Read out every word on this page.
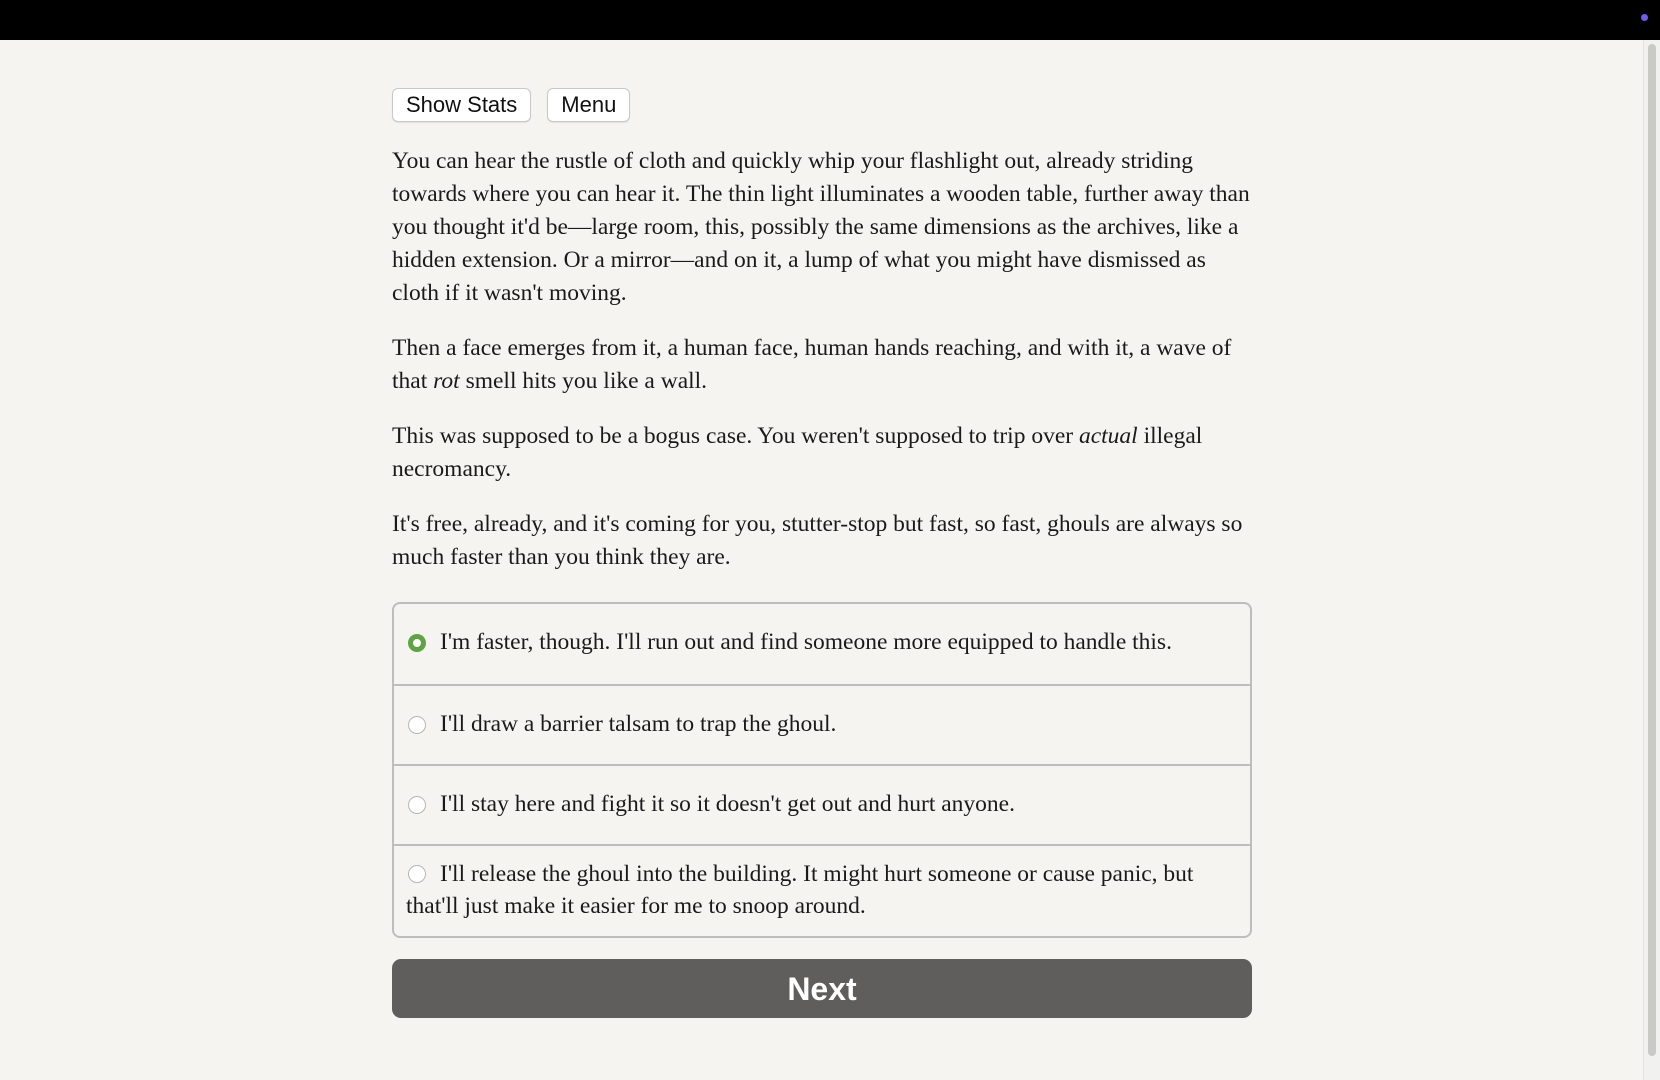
Show Stats	Menu

You can hear the rustle of cloth and quickly whip your flashlight out, already striding towards where you can hear it. The thin light illuminates a wooden table, further away than you thought it'd be—large room, this, possibly the same dimensions as the archives, like a hidden extension. Or a mirror—and on it, a lump of what you might have dismissed as cloth if it wasn't moving.

Then a face emerges from it, a human face, human hands reaching, and with it, a wave of that rot smell hits you like a wall.

This was supposed to be a bogus case. You weren't supposed to trip over actual illegal necromancy.

It's free, already, and it's coming for you, stutter-stop but fast, so fast, ghouls are always so much faster than you think they are.

I'm faster, though. I'll run out and find someone more equipped to handle this.
I'll draw a barrier talsam to trap the ghoul.
I'll stay here and fight it so it doesn't get out and hurt anyone.
I'll release the ghoul into the building. It might hurt someone or cause panic, but that'll just make it easier for me to snoop around.
Next
